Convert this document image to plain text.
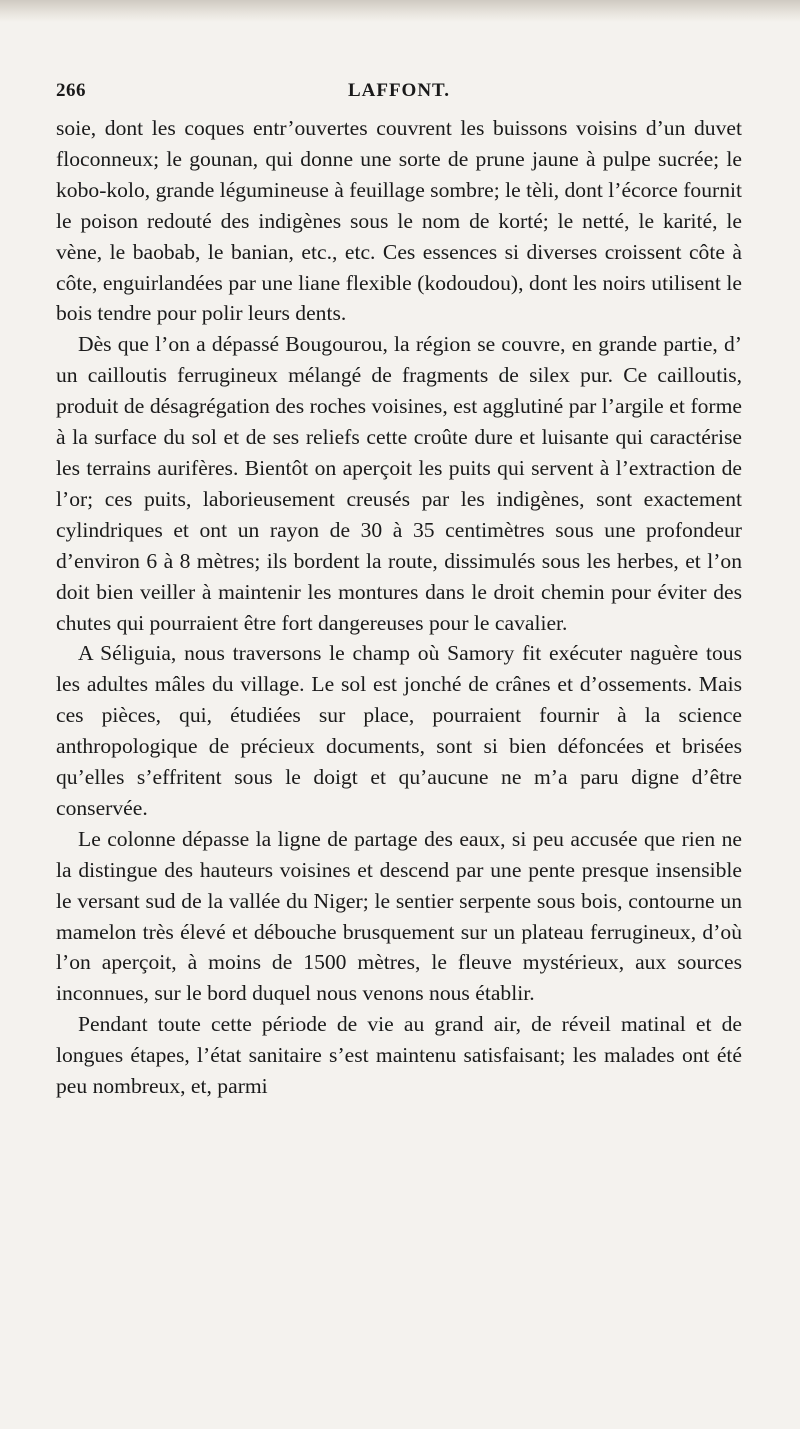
266	LAFFONT.

soie, dont les coques entr’ouvertes couvrent les buissons voisins d’un duvet floconneux; le gounan, qui donne une sorte de prune jaune à pulpe sucrée; le kobo-kolo, grande légumineuse à feuillage sombre; le tèli, dont l’écorce fournit le poison redouté des indigènes sous le nom de korté; le netté, le karité, le vène, le baobab, le banian, etc., etc. Ces essences si diverses croissent côte à côte, enguirlandées par une liane flexible (kodoudou), dont les noirs utilisent le bois tendre pour polir leurs dents.

Dès que l’on a dépassé Bougourou, la région se couvre, en grande partie, d’ un cailloutis ferrugineux mélangé de fragments de silex pur. Ce cailloutis, produit de désagrégation des roches voisines, est agglutiné par l’argile et forme à la surface du sol et de ses reliefs cette croûte dure et luisante qui caractérise les terrains aurifères. Bientôt on aperçoit les puits qui servent à l’extraction de l’or; ces puits, laborieusement creusés par les indigènes, sont exactement cylindriques et ont un rayon de 30 à 35 centimètres sous une profondeur d’environ 6 à 8 mètres; ils bordent la route, dissimulés sous les herbes, et l’on doit bien veiller à maintenir les montures dans le droit chemin pour éviter des chutes qui pourraient être fort dangereuses pour le cavalier.

A Séliguia, nous traversons le champ où Samory fit exécuter naguère tous les adultes mâles du village. Le sol est jonché de crânes et d’ossements. Mais ces pièces, qui, étudiées sur place, pourraient fournir à la science anthropologique de précieux documents, sont si bien défoncées et brisées qu’elles s’effritent sous le doigt et qu’aucune ne m’a paru digne d’être conservée.

Le colonne dépasse la ligne de partage des eaux, si peu accusée que rien ne la distingue des hauteurs voisines et descend par une pente presque insensible le versant sud de la vallée du Niger; le sentier serpente sous bois, contourne un mamelon très élevé et débouche brusquement sur un plateau ferrugineux, d’où l’on aperçoit, à moins de 1500 mètres, le fleuve mystérieux, aux sources inconnues, sur le bord duquel nous venons nous établir.

Pendant toute cette période de vie au grand air, de réveil matinal et de longues étapes, l’état sanitaire s’est maintenu satisfaisant; les malades ont été peu nombreux, et, parmi
